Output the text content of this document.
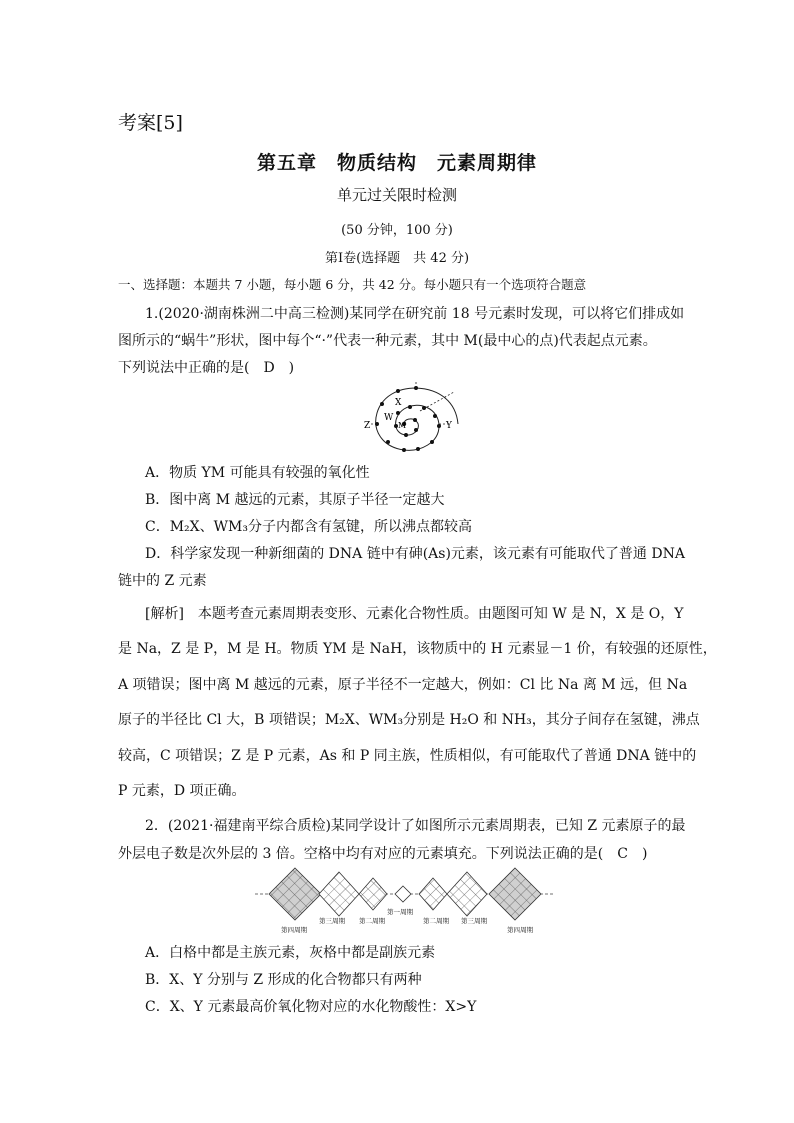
考案[5]
第五章　物质结构　元素周期律
单元过关限时检测
(50 分钟，100 分)
第Ⅰ卷(选择题　共 42 分)
一、选择题：本题共 7 小题，每小题 6 分，共 42 分。每小题只有一个选项符合题意
1.(2020·湖南株洲二中高三检测)某同学在研究前 18 号元素时发现，可以将它们排成如
图所示的“蜗牛”形状，图中每个“·”代表一种元素，其中 M(最中心的点)代表起点元素。
下列说法中正确的是(　D　)
X
W
Z	M	Y
A．物质 YM 可能具有较强的氧化性
B．图中离 M 越远的元素，其原子半径一定越大
C．M₂X、WM₃分子内都含有氢键，所以沸点都较高
D．科学家发现一种新细菌的 DNA 链中有砷(As)元素，该元素有可能取代了普通 DNA
链中的 Z 元素
[解析]　本题考查元素周期表变形、元素化合物性质。由题图可知 W 是 N，X 是 O，Y
是 Na，Z 是 P，M 是 H。物质 YM 是 NaH，该物质中的 H 元素显－1 价，有较强的还原性，
A 项错误；图中离 M 越远的元素，原子半径不一定越大，例如：Cl 比 Na 离 M 远，但 Na
原子的半径比 Cl 大，B 项错误；M₂X、WM₃分别是 H₂O 和 NH₃，其分子间存在氢键，沸点
较高，C 项错误；Z 是 P 元素，As 和 P 同主族，性质相似，有可能取代了普通 DNA 链中的
P 元素，D 项正确。
2．(2021·福建南平综合质检)某同学设计了如图所示元素周期表，已知 Z 元素原子的最
外层电子数是次外层的 3 倍。空格中均有对应的元素填充。下列说法正确的是(　C　)
第一周期
第二周期	第二周期
第三周期	第三周期
第四周期	第四周期
A．白格中都是主族元素，灰格中都是副族元素
B．X、Y 分别与 Z 形成的化合物都只有两种
C．X、Y 元素最高价氧化物对应的水化物酸性：X>Y
